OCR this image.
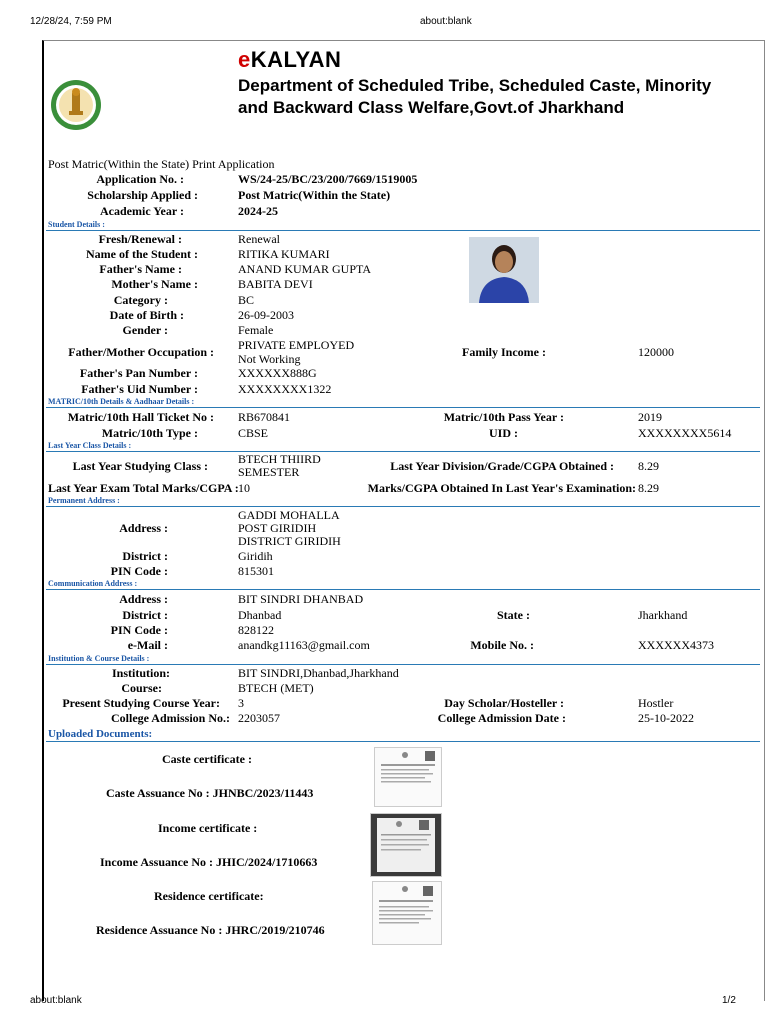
12/28/24, 7:59 PM	about:blank
eKALYAN
Department of Scheduled Tribe, Scheduled Caste, Minority and Backward Class Welfare,Govt.of Jharkhand
Post Matric(Within the State) Print Application
Application No. :	WS/24-25/BC/23/200/7669/1519005
Scholarship Applied :	Post Matric(Within the State)
Academic Year :	2024-25
Student Details :
Fresh/Renewal :	Renewal
Name of the Student :	RITIKA KUMARI
Father's Name :	ANAND KUMAR GUPTA
Mother's Name :	BABITA DEVI
Category :	BC
Date of Birth :	26-09-2003
Gender :	Female
Father/Mother Occupation : PRIVATE EMPLOYED
Not Working	Family Income :	120000
Father's Pan Number :	XXXXXX888G
Father's Uid Number :	XXXXXXXX1322
MATRIC/10th Details & Aadhaar Details :
Matric/10th Hall Ticket No : RB670841	Matric/10th Pass Year :	2019
Matric/10th Type :	CBSE	UID :	XXXXXXXX5614
Last Year Class Details :
Last Year Studying Class :	BTECH THIIRD
SEMESTER	Last Year Division/Grade/CGPA Obtained : 8.29
Last Year Exam Total Marks/CGPA : 10	Marks/CGPA Obtained In Last Year's Examination: 8.29
Permanent Address :
Address :
GADDI MOHALLA
POST GIRIDIH
DISTRICT GIRIDIH
District :	Giridih
PIN Code :	815301
Communication Address :
Address :	BIT SINDRI DHANBAD
District :	Dhanbad	State :	Jharkhand
PIN Code :	828122
e-Mail :	anandkg11163@gmail.com	Mobile No. :	XXXXXX4373
Institution & Course Details :
Institution:	BIT SINDRI,Dhanbad,Jharkhand
Course:	BTECH (MET)
Present Studying Course Year: 3	Day Scholar/Hosteller :	Hostler
College Admission No.: 2203057	College Admission Date :	25-10-2022
Uploaded Documents:
Caste certificate :
Caste Assuance No : JHNBC/2023/11443
Income certificate :
Income Assuance No : JHIC/2024/1710663
Residence certificate:
Residence Assuance No : JHRC/2019/210746
about:blank	1/2
